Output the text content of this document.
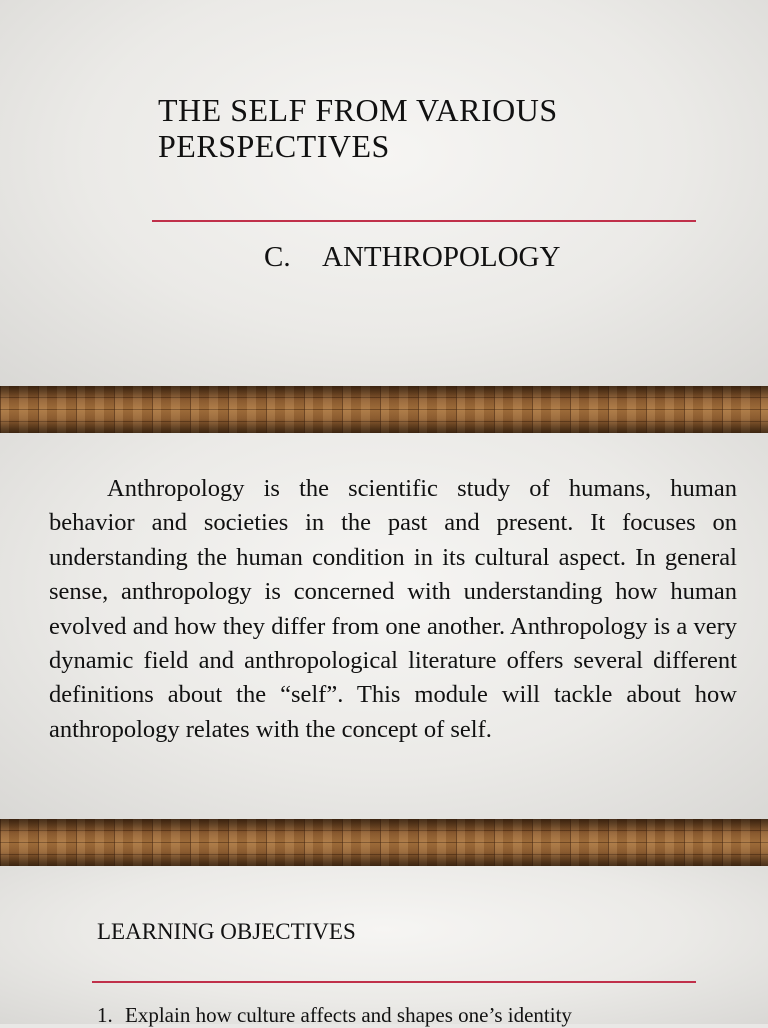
THE SELF FROM VARIOUS PERSPECTIVES
C. ANTHROPOLOGY

Anthropology is the scientific study of humans, human behavior and societies in the past and present. It focuses on understanding the human condition in its cultural aspect. In general sense, anthropology is concerned with understanding how human evolved and how they differ from one another. Anthropology is a very dynamic field and anthropological literature offers several different definitions about the “self”. This module will tackle about how anthropology relates with the concept of self.

LEARNING OBJECTIVES
1. Explain how culture affects and shapes one’s identity
